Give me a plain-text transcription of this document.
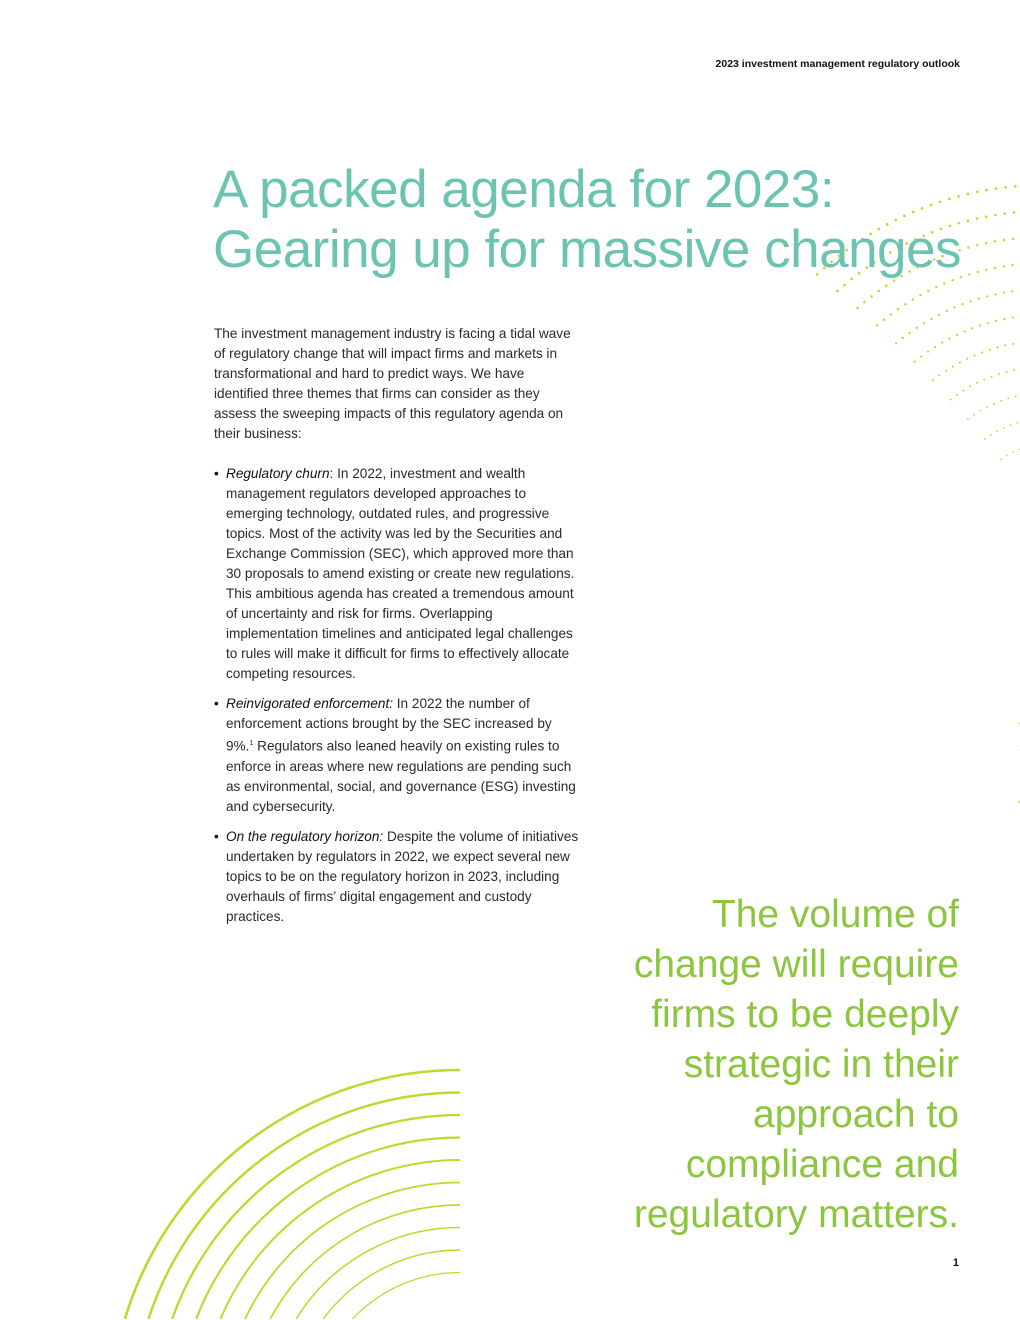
2023 investment management regulatory outlook
A packed agenda for 2023:
Gearing up for massive changes

The investment management industry is facing a tidal wave of regulatory change that will impact firms and markets in transformational and hard to predict ways. We have identified three themes that firms can consider as they assess the sweeping impacts of this regulatory agenda on their business:

• Regulatory churn: In 2022, investment and wealth management regulators developed approaches to emerging technology, outdated rules, and progressive topics. Most of the activity was led by the Securities and Exchange Commission (SEC), which approved more than 30 proposals to amend existing or create new regulations. This ambitious agenda has created a tremendous amount of uncertainty and risk for firms. Overlapping implementation timelines and anticipated legal challenges to rules will make it difficult for firms to effectively allocate competing resources.
• Reinvigorated enforcement: In 2022 the number of enforcement actions brought by the SEC increased by 9%.$^1$ Regulators also leaned heavily on existing rules to enforce in areas where new regulations are pending such as environmental, social, and governance (ESG) investing and cybersecurity.
• On the regulatory horizon: Despite the volume of initiatives undertaken by regulators in 2022, we expect several new topics to be on the regulatory horizon in 2023, including overhauls of firms’ digital engagement and custody practices.	The volume of
change will require
firms to be deeply
strategic in their
approach to
compliance and
regulatory matters.
1
